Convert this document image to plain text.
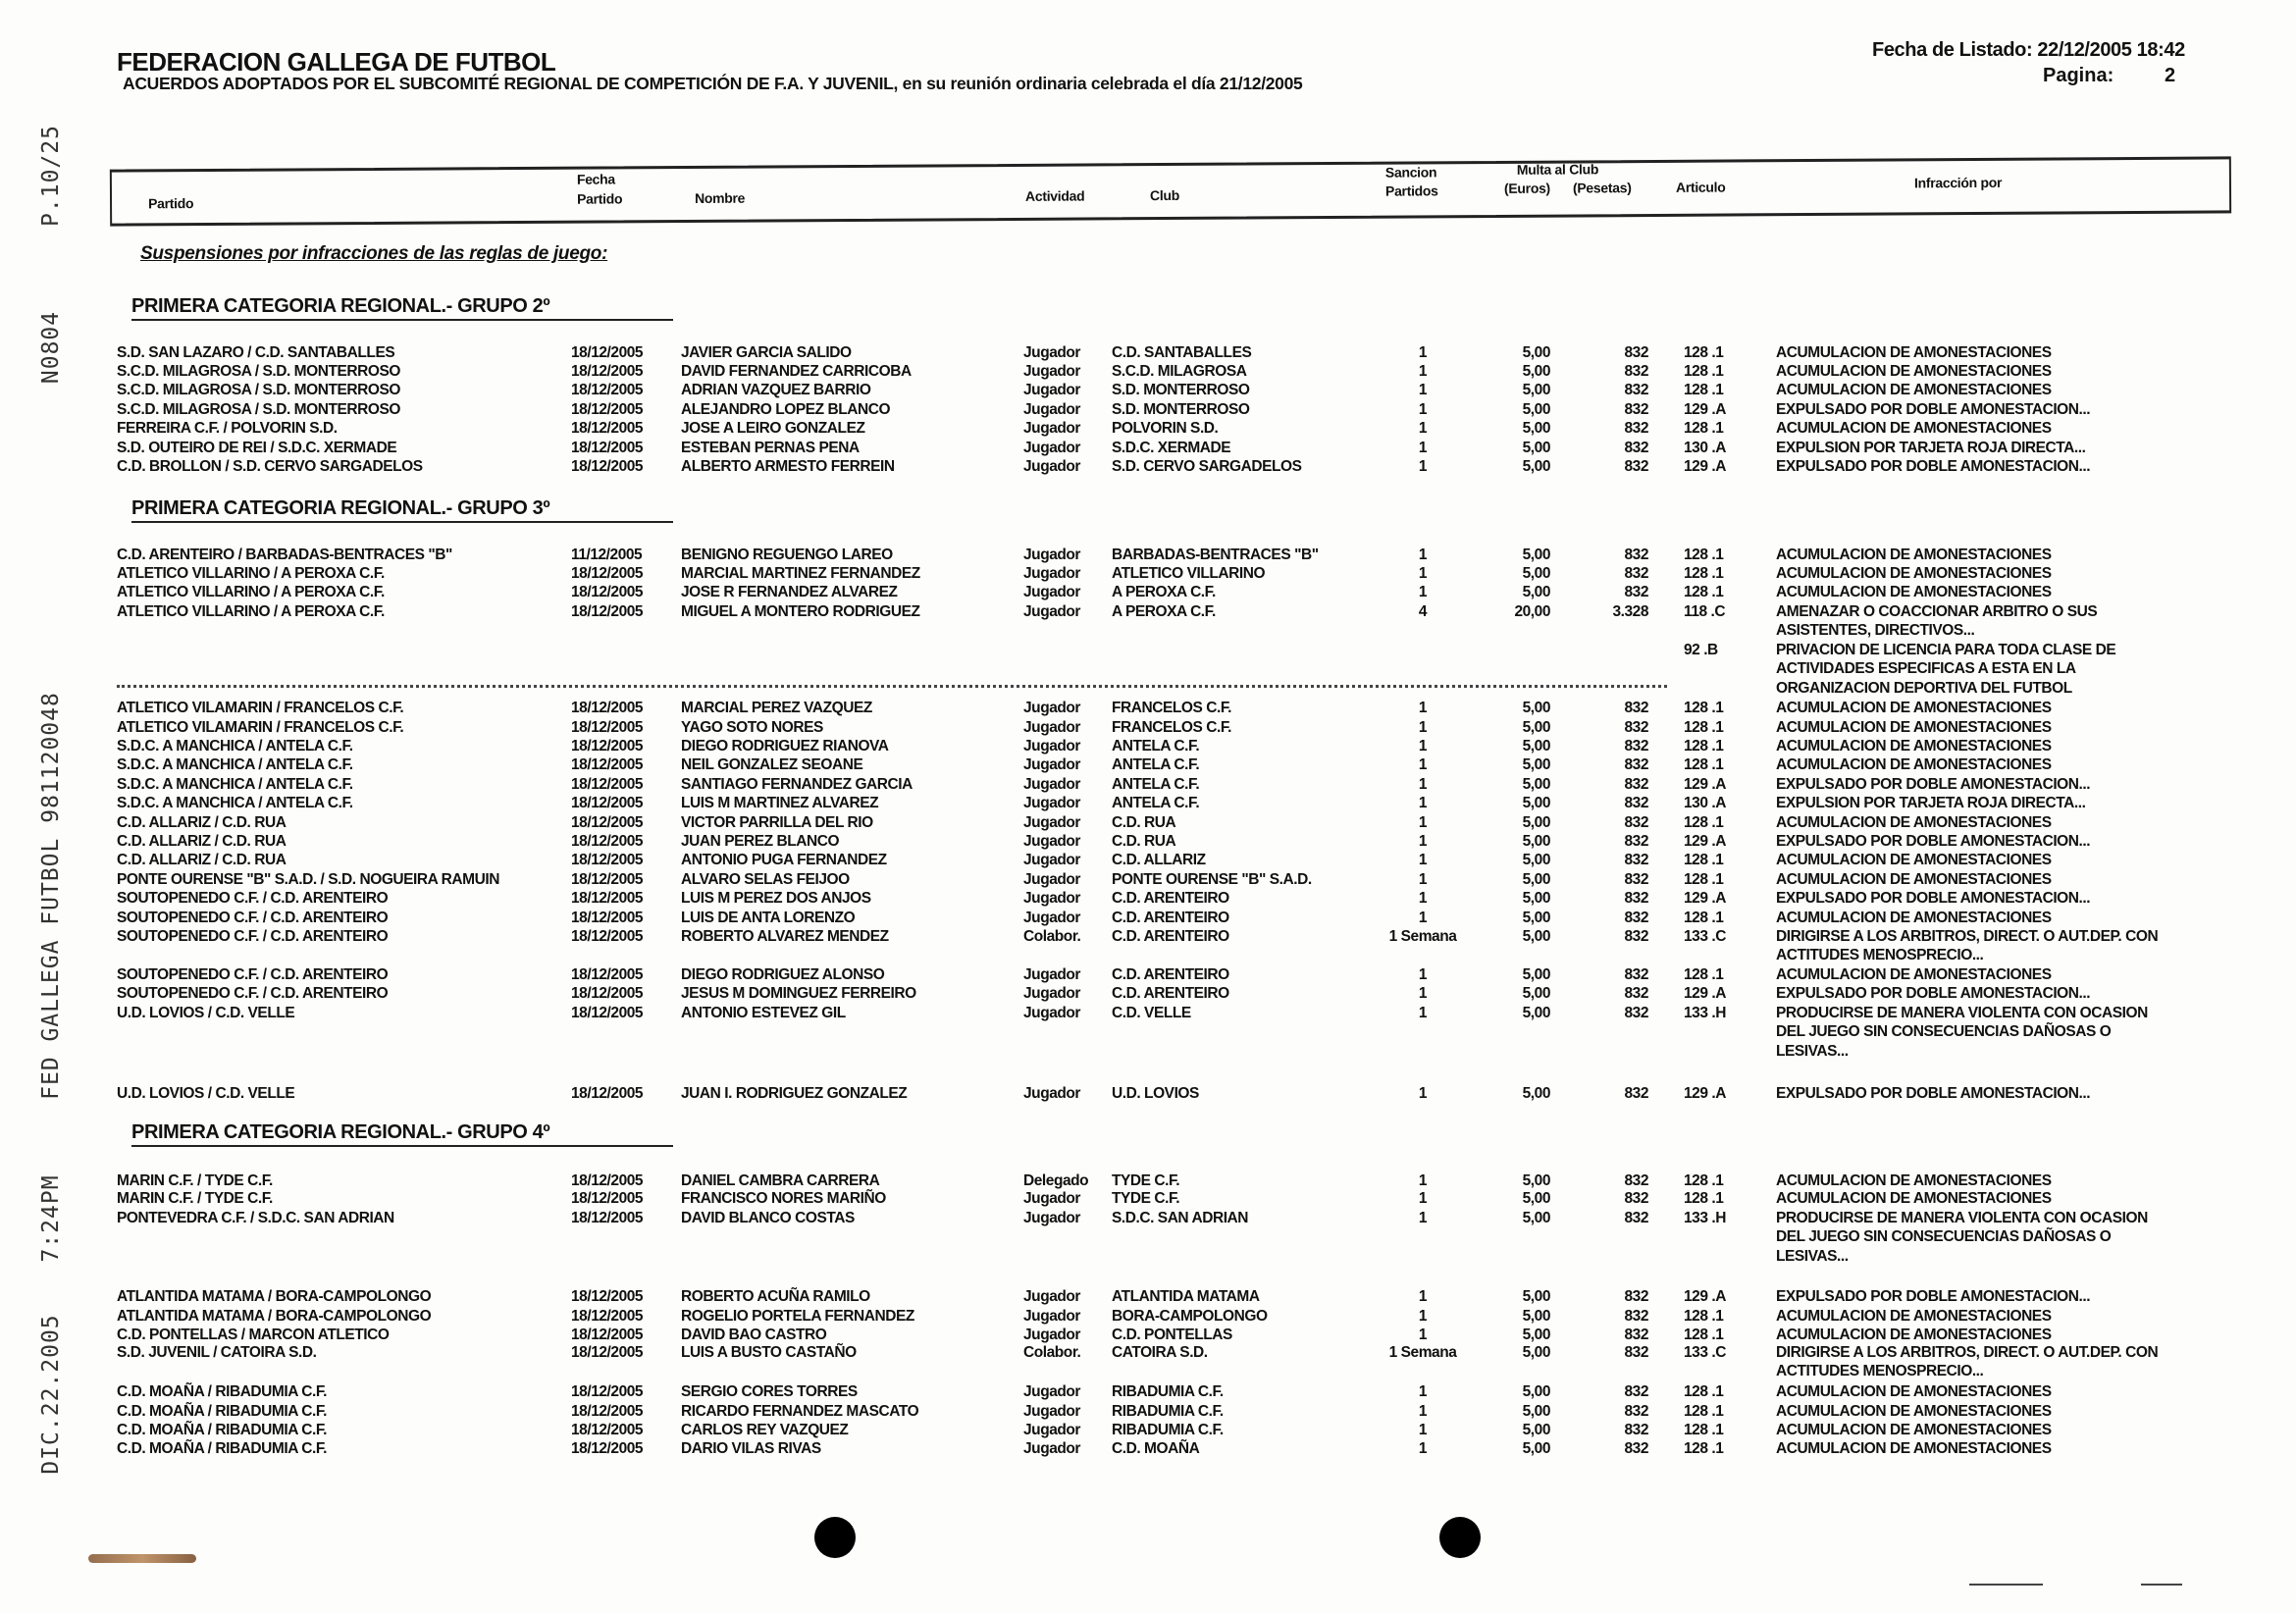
P.10/25
N0804
FED GALLEGA FUTBOL 981120048
7:24PM
DIC.22.2005
FEDERACION GALLEGA DE FUTBOL
ACUERDOS ADOPTADOS POR EL SUBCOMITÉ REGIONAL DE COMPETICIÓN DE F.A. Y JUVENIL, en su reunión ordinaria celebrada el día 21/12/2005
Fecha de Listado: 22/12/2005 18:42
Pagina:	2
Partido
Fecha
Partido	Nombre	Actividad	Club
Sancion
Partidos
Multa al Club
(Euros) (Pesetas)	Articulo	Infracción por
Suspensiones por infracciones de las reglas de juego:
PRIMERA CATEGORIA REGIONAL.- GRUPO 2º
S.D. SAN LAZARO / C.D. SANTABALLES	18/12/2005	JAVIER GARCIA SALIDO	Jugador C.D. SANTABALLES	1	5,00	832 128 .1	ACUMULACION DE AMONESTACIONES
S.C.D. MILAGROSA / S.D. MONTERROSO	18/12/2005	DAVID FERNANDEZ CARRICOBA	Jugador S.C.D. MILAGROSA	1	5,00	832 128 .1	ACUMULACION DE AMONESTACIONES
S.C.D. MILAGROSA / S.D. MONTERROSO	18/12/2005	ADRIAN VAZQUEZ BARRIO	Jugador S.D. MONTERROSO	1	5,00	832 128 .1	ACUMULACION DE AMONESTACIONES
S.C.D. MILAGROSA / S.D. MONTERROSO	18/12/2005	ALEJANDRO LOPEZ BLANCO	Jugador S.D. MONTERROSO	1	5,00	832 129 .A	EXPULSADO POR DOBLE AMONESTACION...
FERREIRA C.F. / POLVORIN S.D.	18/12/2005	JOSE A LEIRO GONZALEZ	Jugador POLVORIN S.D.	1	5,00	832 128 .1	ACUMULACION DE AMONESTACIONES
S.D. OUTEIRO DE REI / S.D.C. XERMADE	18/12/2005	ESTEBAN PERNAS PENA	Jugador S.D.C. XERMADE	1	5,00	832 130 .A	EXPULSION POR TARJETA ROJA DIRECTA...
C.D. BROLLON / S.D. CERVO SARGADELOS	18/12/2005	ALBERTO ARMESTO FERREIN	Jugador S.D. CERVO SARGADELOS	1	5,00	832 129 .A	EXPULSADO POR DOBLE AMONESTACION...
PRIMERA CATEGORIA REGIONAL.- GRUPO 3º
C.D. ARENTEIRO / BARBADAS-BENTRACES "B"	11/12/2005	BENIGNO REGUENGO LAREO	Jugador BARBADAS-BENTRACES "B"	1	5,00	832 128 .1	ACUMULACION DE AMONESTACIONES
ATLETICO VILLARINO / A PEROXA C.F.	18/12/2005	MARCIAL MARTINEZ FERNANDEZ	Jugador ATLETICO VILLARINO	1	5,00	832 128 .1	ACUMULACION DE AMONESTACIONES
ATLETICO VILLARINO / A PEROXA C.F.	18/12/2005	JOSE R FERNANDEZ ALVAREZ	Jugador A PEROXA C.F.	1	5,00	832 128 .1	ACUMULACION DE AMONESTACIONES
ATLETICO VILLARINO / A PEROXA C.F.	18/12/2005	MIGUEL A MONTERO RODRIGUEZ	Jugador A PEROXA C.F.	4	20,00	3.328 118 .C	AMENAZAR O COACCIONAR ARBITRO O SUS
ASISTENTES, DIRECTIVOS...
92 .B	PRIVACION DE LICENCIA PARA TODA CLASE DE
ACTIVIDADES ESPECIFICAS A ESTA EN LA
ORGANIZACION DEPORTIVA DEL FUTBOL
ATLETICO VILAMARIN / FRANCELOS C.F.	18/12/2005	MARCIAL PEREZ VAZQUEZ	Jugador FRANCELOS C.F.	1	5,00	832 128 .1	ACUMULACION DE AMONESTACIONES
ATLETICO VILAMARIN / FRANCELOS C.F.	18/12/2005	YAGO SOTO NORES	Jugador FRANCELOS C.F.	1	5,00	832 128 .1	ACUMULACION DE AMONESTACIONES
S.D.C. A MANCHICA / ANTELA C.F.	18/12/2005	DIEGO RODRIGUEZ RIANOVA	Jugador ANTELA C.F.	1	5,00	832 128 .1	ACUMULACION DE AMONESTACIONES
S.D.C. A MANCHICA / ANTELA C.F.	18/12/2005	NEIL GONZALEZ SEOANE	Jugador ANTELA C.F.	1	5,00	832 128 .1	ACUMULACION DE AMONESTACIONES
S.D.C. A MANCHICA / ANTELA C.F.	18/12/2005	SANTIAGO FERNANDEZ GARCIA	Jugador ANTELA C.F.	1	5,00	832 129 .A	EXPULSADO POR DOBLE AMONESTACION...
S.D.C. A MANCHICA / ANTELA C.F.	18/12/2005	LUIS M MARTINEZ ALVAREZ	Jugador ANTELA C.F.	1	5,00	832 130 .A	EXPULSION POR TARJETA ROJA DIRECTA...
C.D. ALLARIZ / C.D. RUA	18/12/2005	VICTOR PARRILLA DEL RIO	Jugador C.D. RUA	1	5,00	832 128 .1	ACUMULACION DE AMONESTACIONES
C.D. ALLARIZ / C.D. RUA	18/12/2005	JUAN PEREZ BLANCO	Jugador C.D. RUA	1	5,00	832 129 .A	EXPULSADO POR DOBLE AMONESTACION...
C.D. ALLARIZ / C.D. RUA	18/12/2005	ANTONIO PUGA FERNANDEZ	Jugador C.D. ALLARIZ	1	5,00	832 128 .1	ACUMULACION DE AMONESTACIONES
PONTE OURENSE "B" S.A.D. / S.D. NOGUEIRA RAMUIN	18/12/2005	ALVARO SELAS FEIJOO	Jugador PONTE OURENSE "B" S.A.D.	1	5,00	832 128 .1	ACUMULACION DE AMONESTACIONES
SOUTOPENEDO C.F. / C.D. ARENTEIRO	18/12/2005	LUIS M PEREZ DOS ANJOS	Jugador C.D. ARENTEIRO	1	5,00	832 129 .A	EXPULSADO POR DOBLE AMONESTACION...
SOUTOPENEDO C.F. / C.D. ARENTEIRO	18/12/2005	LUIS DE ANTA LORENZO	Jugador C.D. ARENTEIRO	1	5,00	832 128 .1	ACUMULACION DE AMONESTACIONES
SOUTOPENEDO C.F. / C.D. ARENTEIRO	18/12/2005	ROBERTO ALVAREZ MENDEZ	Colabor. C.D. ARENTEIRO	1 Semana	5,00	832 133 .C	DIRIGIRSE A LOS ARBITROS, DIRECT. O AUT.DEP. CON
ACTITUDES MENOSPRECIO...
SOUTOPENEDO C.F. / C.D. ARENTEIRO	18/12/2005	DIEGO RODRIGUEZ ALONSO	Jugador C.D. ARENTEIRO	1	5,00	832 128 .1	ACUMULACION DE AMONESTACIONES
SOUTOPENEDO C.F. / C.D. ARENTEIRO	18/12/2005	JESUS M DOMINGUEZ FERREIRO	Jugador C.D. ARENTEIRO	1	5,00	832 129 .A	EXPULSADO POR DOBLE AMONESTACION...
U.D. LOVIOS / C.D. VELLE	18/12/2005	ANTONIO ESTEVEZ GIL	Jugador C.D. VELLE	1	5,00	832 133 .H	PRODUCIRSE DE MANERA VIOLENTA CON OCASION
DEL JUEGO SIN CONSECUENCIAS DAÑOSAS O
LESIVAS...
U.D. LOVIOS / C.D. VELLE	18/12/2005	JUAN I. RODRIGUEZ GONZALEZ	Jugador U.D. LOVIOS	1	5,00	832 129 .A	EXPULSADO POR DOBLE AMONESTACION...
PRIMERA CATEGORIA REGIONAL.- GRUPO 4º
MARIN C.F. / TYDE C.F.	18/12/2005	DANIEL CAMBRA CARRERA	Delegado TYDE C.F.	1	5,00	832 128 .1	ACUMULACION DE AMONESTACIONES
MARIN C.F. / TYDE C.F.	18/12/2005	FRANCISCO NORES MARIÑO	Jugador TYDE C.F.	1	5,00	832 128 .1	ACUMULACION DE AMONESTACIONES
PONTEVEDRA C.F. / S.D.C. SAN ADRIAN	18/12/2005	DAVID BLANCO COSTAS	Jugador S.D.C. SAN ADRIAN	1	5,00	832 133 .H	PRODUCIRSE DE MANERA VIOLENTA CON OCASION
DEL JUEGO SIN CONSECUENCIAS DAÑOSAS O
LESIVAS...
ATLANTIDA MATAMA / BORA-CAMPOLONGO	18/12/2005	ROBERTO ACUÑA RAMILO	Jugador ATLANTIDA MATAMA	1	5,00	832 129 .A	EXPULSADO POR DOBLE AMONESTACION...
ATLANTIDA MATAMA / BORA-CAMPOLONGO	18/12/2005	ROGELIO PORTELA FERNANDEZ	Jugador BORA-CAMPOLONGO	1	5,00	832 128 .1	ACUMULACION DE AMONESTACIONES
C.D. PONTELLAS / MARCON ATLETICO	18/12/2005	DAVID BAO CASTRO	Jugador C.D. PONTELLAS	1	5,00	832 128 .1	ACUMULACION DE AMONESTACIONES
S.D. JUVENIL / CATOIRA S.D.	18/12/2005	LUIS A BUSTO CASTAÑO	Colabor. CATOIRA S.D.	1 Semana	5,00	832 133 .C	DIRIGIRSE A LOS ARBITROS, DIRECT. O AUT.DEP. CON
ACTITUDES MENOSPRECIO...
C.D. MOAÑA / RIBADUMIA C.F.	18/12/2005	SERGIO CORES TORRES	Jugador RIBADUMIA C.F.	1	5,00	832 128 .1	ACUMULACION DE AMONESTACIONES
C.D. MOAÑA / RIBADUMIA C.F.	18/12/2005	RICARDO FERNANDEZ MASCATO	Jugador RIBADUMIA C.F.	1	5,00	832 128 .1	ACUMULACION DE AMONESTACIONES
C.D. MOAÑA / RIBADUMIA C.F.	18/12/2005	CARLOS REY VAZQUEZ	Jugador RIBADUMIA C.F.	1	5,00	832 128 .1	ACUMULACION DE AMONESTACIONES
C.D. MOAÑA / RIBADUMIA C.F.	18/12/2005	DARIO VILAS RIVAS	Jugador C.D. MOAÑA	1	5,00	832 128 .1	ACUMULACION DE AMONESTACIONES
